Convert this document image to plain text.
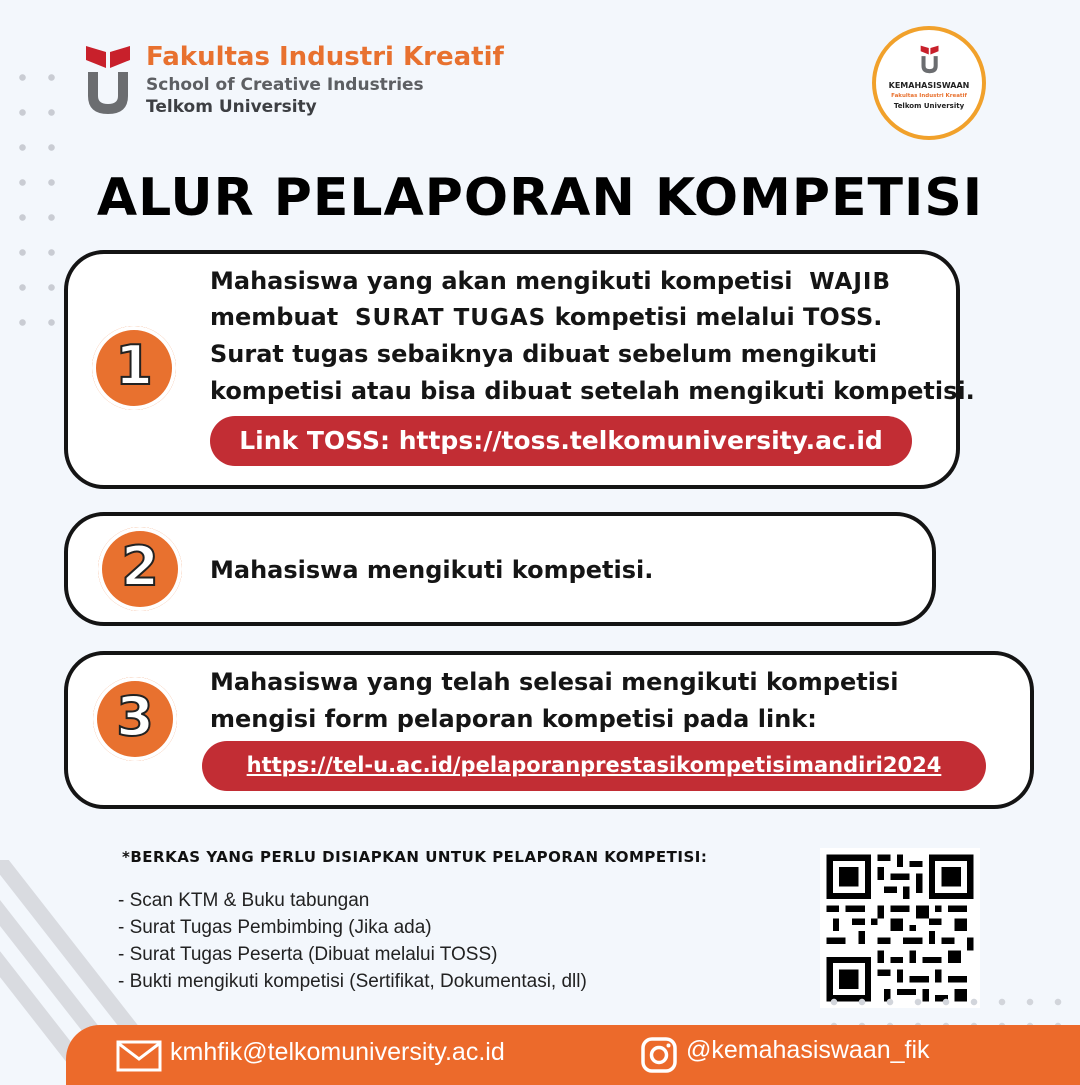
Fakultas Industri Kreatif
School of Creative Industries
Telkom University
KEMAHASISWAAN
Fakultas Industri Kreatif
Telkom University
ALUR PELAPORAN KOMPETISI
1
Mahasiswa yang akan mengikuti kompetisi WAJIB
membuat SURAT TUGAS kompetisi melalui TOSS.
Surat tugas sebaiknya dibuat sebelum mengikuti
kompetisi atau bisa dibuat setelah mengikuti kompetisi.
Link TOSS: https://toss.telkomuniversity.ac.id
2	Mahasiswa mengikuti kompetisi.
3
Mahasiswa yang telah selesai mengikuti kompetisi
mengisi form pelaporan kompetisi pada link:
https://tel-u.ac.id/pelaporanprestasikompetisimandiri2024
*BERKAS YANG PERLU DISIAPKAN UNTUK PELAPORAN KOMPETISI:
- Scan KTM & Buku tabungan
- Surat Tugas Pembimbing (Jika ada)
- Surat Tugas Peserta (Dibuat melalui TOSS)
- Bukti mengikuti kompetisi (Sertifikat, Dokumentasi, dll)
kmhfik@telkomuniversity.ac.id	@kemahasiswaan_fik
